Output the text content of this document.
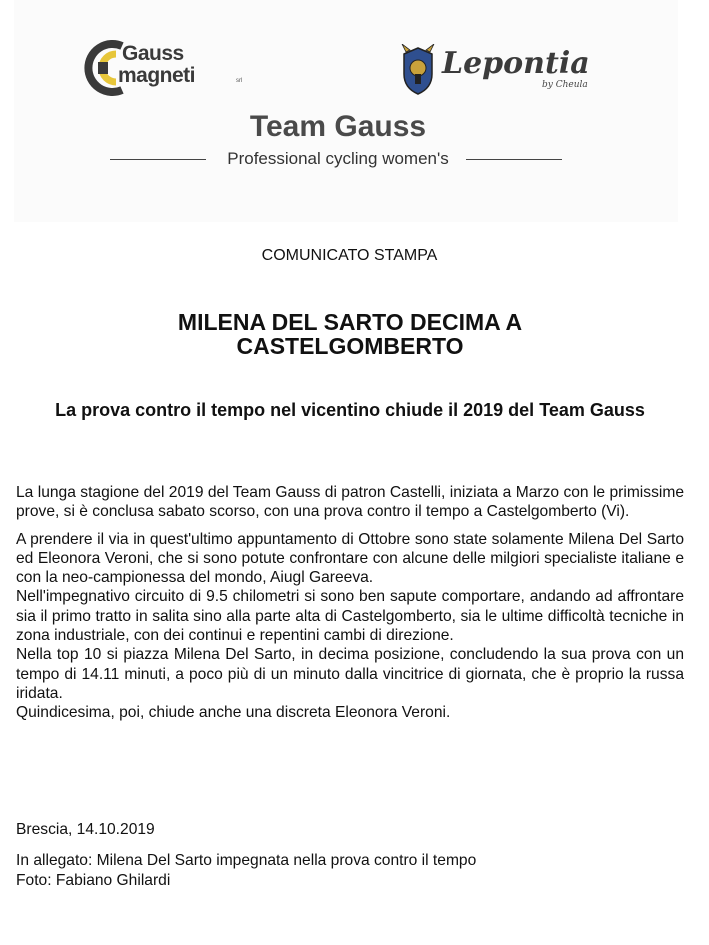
Gauss
magneti	srl	Lepontia
by Cheula
Team Gauss
Professional cycling women's
COMUNICATO STAMPA
MILENA DEL SARTO DECIMA A CASTELGOMBERTO
La prova contro il tempo nel vicentino chiude il 2019 del Team Gauss

La lunga stagione del 2019 del Team Gauss di patron Castelli, iniziata a Marzo con le primissime prove, si è conclusa sabato scorso, con una prova contro il tempo a Castelgomberto (Vi).

A prendere il via in quest'ultimo appuntamento di Ottobre sono state solamente Milena Del Sarto ed Eleonora Veroni, che si sono potute confrontare con alcune delle milgiori specialiste italiane e con la neo-campionessa del mondo, Aiugl Gareeva.

Nell'impegnativo circuito di 9.5 chilometri si sono ben sapute comportare, andando ad affrontare sia il primo tratto in salita sino alla parte alta di Castelgomberto, sia le ultime difficoltà tecniche in zona industriale, con dei continui e repentini cambi di direzione.

Nella top 10 si piazza Milena Del Sarto, in decima posizione, concludendo la sua prova con un tempo di 14.11 minuti, a poco più di un minuto dalla vincitrice di giornata, che è proprio la russa iridata.

Quindicesima, poi, chiude anche una discreta Eleonora Veroni.

Brescia, 14.10.2019

In allegato: Milena Del Sarto impegnata nella prova contro il tempo

Foto: Fabiano Ghilardi
